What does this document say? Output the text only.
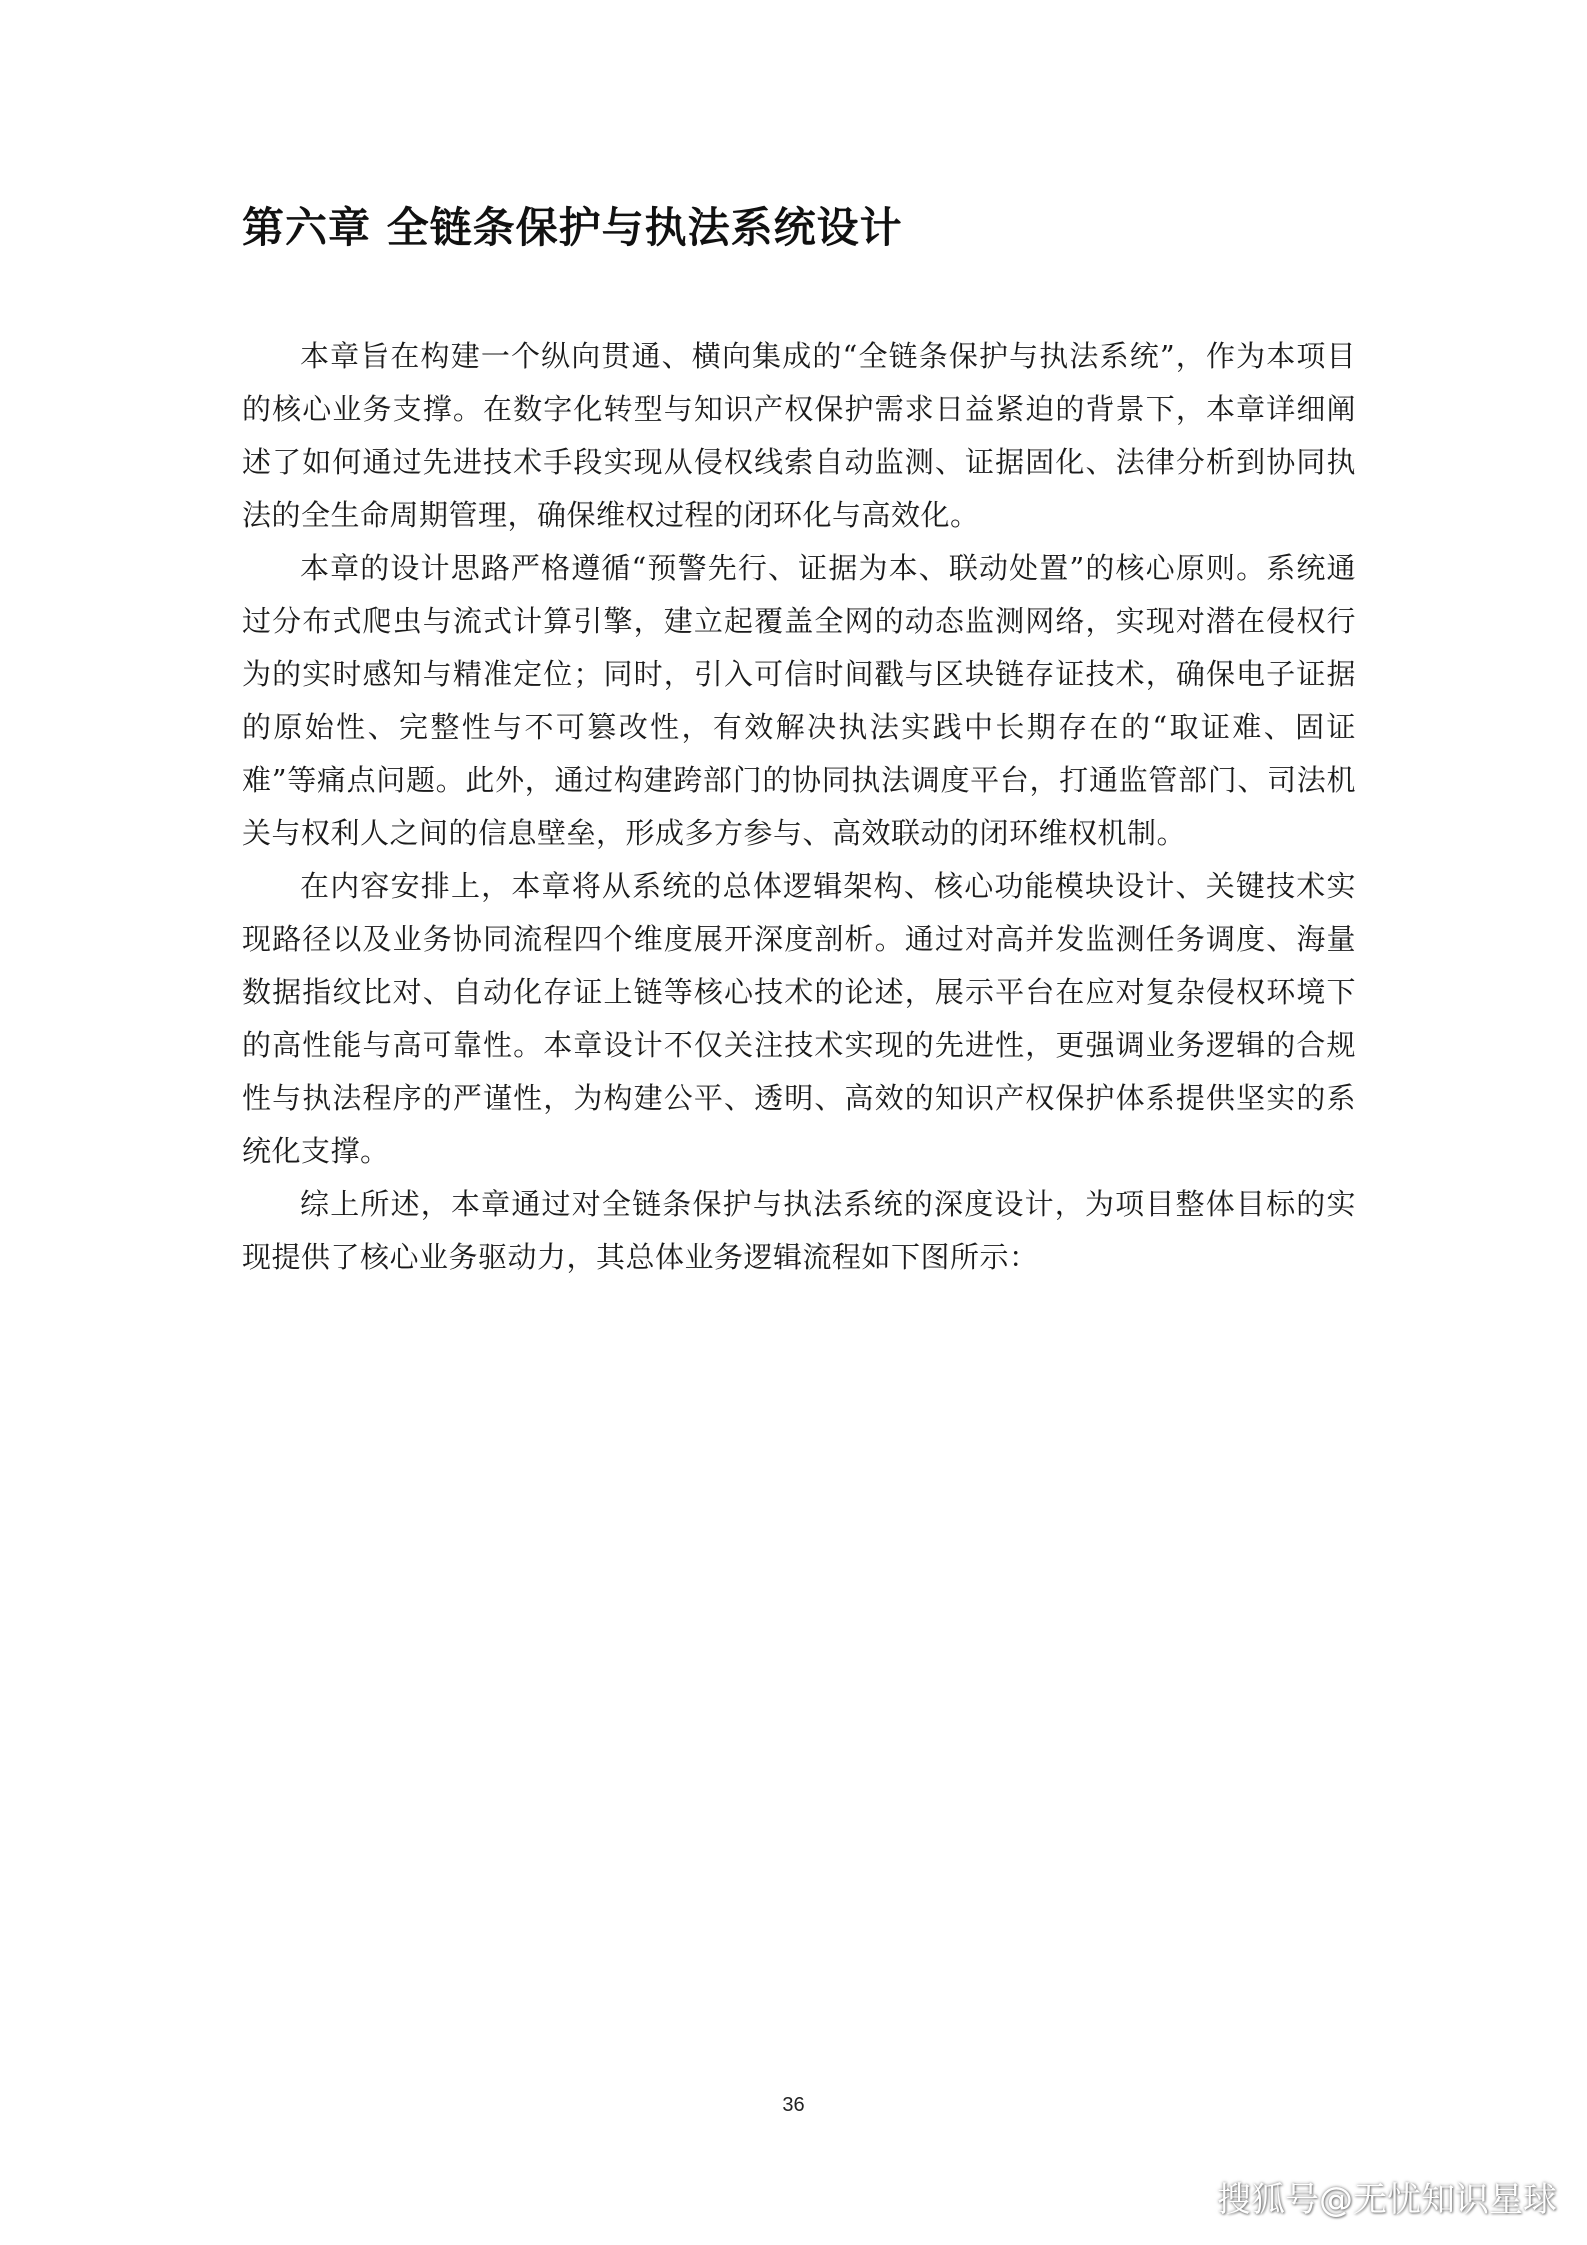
第六章 全链条保护与执法系统设计

本章旨在构建一个纵向贯通、横向集成的“全链条保护与执法系统”，作为本项目的核心业务支撑。在数字化转型与知识产权保护需求日益紧迫的背景下，本章详细阐述了如何通过先进技术手段实现从侵权线索自动监测、证据固化、法律分析到协同执法的全生命周期管理，确保维权过程的闭环化与高效化。

本章的设计思路严格遵循“预警先行、证据为本、联动处置”的核心原则。系统通过分布式爬虫与流式计算引擎，建立起覆盖全网的动态监测网络，实现对潜在侵权行为的实时感知与精准定位；同时，引入可信时间戳与区块链存证技术，确保电子证据的原始性、完整性与不可篡改性，有效解决执法实践中长期存在的“取证难、固证难”等痛点问题。此外，通过构建跨部门的协同执法调度平台，打通监管部门、司法机关与权利人之间的信息壁垒，形成多方参与、高效联动的闭环维权机制。

在内容安排上，本章将从系统的总体逻辑架构、核心功能模块设计、关键技术实现路径以及业务协同流程四个维度展开深度剖析。通过对高并发监测任务调度、海量数据指纹比对、自动化存证上链等核心技术的论述，展示平台在应对复杂侵权环境下的高性能与高可靠性。本章设计不仅关注技术实现的先进性，更强调业务逻辑的合规性与执法程序的严谨性，为构建公平、透明、高效的知识产权保护体系提供坚实的系统化支撑。

综上所述，本章通过对全链条保护与执法系统的深度设计，为项目整体目标的实现提供了核心业务驱动力，其总体业务逻辑流程如下图所示：

36
搜狐号@无忧知识星球
